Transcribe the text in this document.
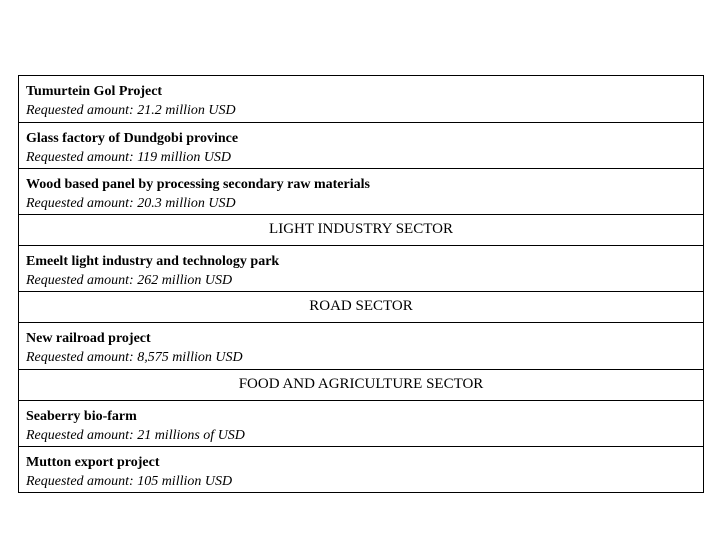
Tumurtein Gol Project
Requested amount: 21.2 million USD
Glass factory of Dundgobi province
Requested amount: 119 million USD
Wood based panel by processing secondary raw materials
Requested amount: 20.3 million USD
LIGHT INDUSTRY SECTOR
Emeelt light industry and technology park
Requested amount: 262 million USD
ROAD SECTOR
New railroad project
Requested amount: 8,575 million USD
FOOD AND AGRICULTURE SECTOR
Seaberry bio-farm
Requested amount: 21 millions of USD
Mutton export project
Requested amount: 105 million USD
